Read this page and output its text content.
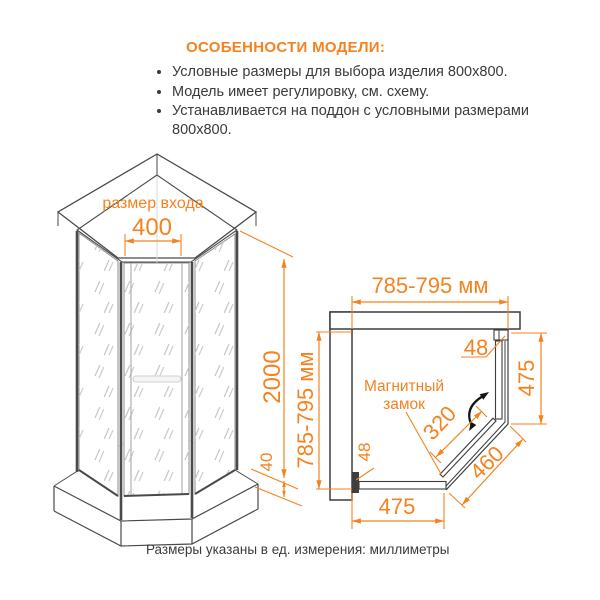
ОСОБЕННОСТИ МОДЕЛИ:
• Условные размеры для выбора изделия 800x800.
• Модель имеет регулировку, см. схему.
• Устанавливается на поддон с условными размерами 800x800.
размер входа
400
2000
40
785-795 мм
785-795 мм	475
48
48
Магнитный
замок
320
460
475
Размеры указаны в ед. измерения: миллиметры
